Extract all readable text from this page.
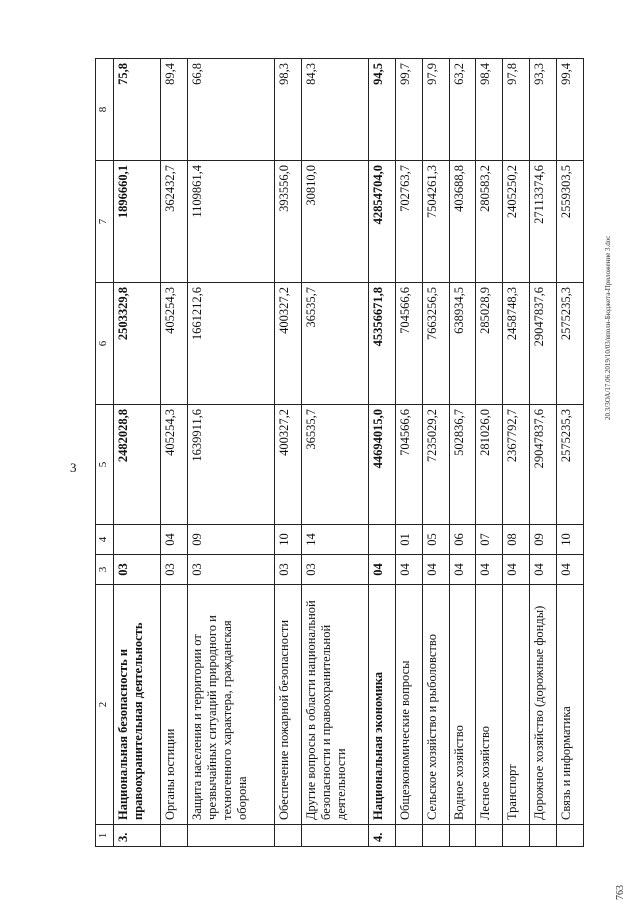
3
20.3/3ОА/17.06.2019/10/03/вполн-Бюджета-Приложение 3.doc
763
1	2	3	4	5	6	7	8
3.	Национальная безопасность и правоохранительная деятельность	03		2482028,8	2503329,8	1896660,1	75,8
	Органы юстиции	03	04	405254,3	405254,3	362432,7	89,4
	Защита населения и территории от чрезвычайных ситуаций природного и техногенного характера, гражданская оборона	03	09	1639911,6	1661212,6	1109861,4	66,8
	Обеспечение пожарной безопасности	03	10	400327,2	400327,2	393556,0	98,3
	Другие вопросы в области национальной безопасности и правоохранительной деятельности	03	14	36535,7	36535,7	30810,0	84,3
4.	Национальная экономика	04		44694015,0	45356671,8	42854704,0	94,5
	Общеэкономические вопросы	04	01	704566,6	704566,6	702763,7	99,7
	Сельское хозяйство и рыболовство	04	05	7235029,2	7663256,5	7504261,3	97,9
	Водное хозяйство	04	06	502836,7	638934,5	403688,8	63,2
	Лесное хозяйство	04	07	281026,0	285028,9	280583,2	98,4
	Транспорт	04	08	2367792,7	2458748,3	2405250,2	97,8
	Дорожное хозяйство (дорожные фонды)	04	09	29047837,6	29047837,6	27113374,6	93,3
	Связь и информатика	04	10	2575235,3	2575235,3	2559303,5	99,4
